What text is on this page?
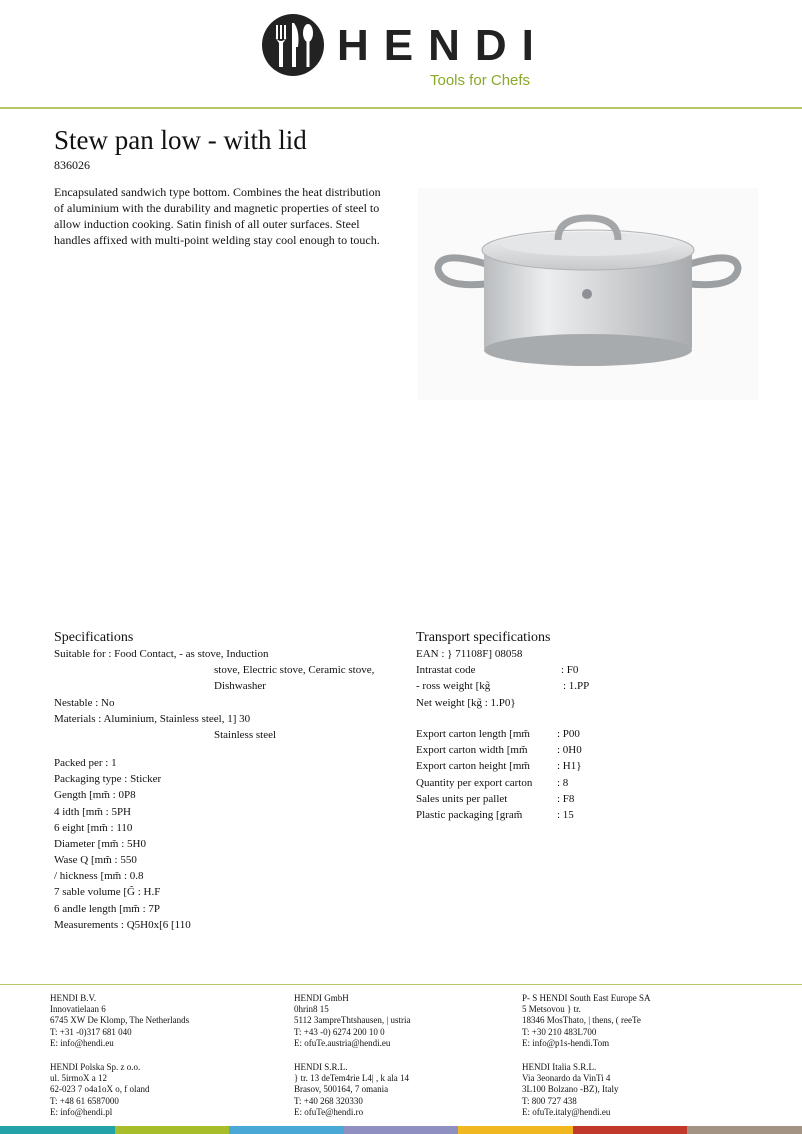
HENDI
Tools for Chefs
Stew pan low - with lid
836026
Encapsulated sandwich type bottom. Combines the heat distribution of aluminium with the durability and magnetic properties of steel to allow induction cooking. Satin finish of all outer surfaces. Steel handles affixed with multi-point welding stay cool enough to touch.
Specifications
Suitable for : Food Contact, - as stove, Induction
stove, Electric stove, Ceramic stove,
Dishwasher
Nestable : No
Materials : Aluminium, Stainless steel, 1] 30
Stainless steel
Packed per : 1
Packaging type : Sticker
Gength [mm̃ : 0P8
4 idth [mm̃ : 5PH
6 eight [mm̃ : 110
Diameter [mm̃ : 5H0
Wase Q [mm̃ : 550
/ hickness [mm̃ : 0.8
7 sable volume [G̃ : H.F
6 andle length [mm̃ : 7P
Measurements : Q5H0x[6 [110
Transport specifications
EAN : } 71108F] 08058
Intrastat code	: F0
- ross weight [kg̃	: 1.PP
Net weight [kg̃ : 1.P0}
Export carton length [mm̃ : P00
Export carton width [mm̃	: 0H0
Export carton height [mm̃ : H1}
Quantity per export carton : 8
Sales units per pallet	: F8
Plastic packaging [gram̃	: 15
HENDI B.V.
Innovatielaan 6
6745 XW De Klomp, The Netherlands
T: +31 -0)317 681 040
E: info@hendi.eu
HENDI GmbH
0hrin8 15
5112 3ampreThtshausen, | ustria
T: +43 -0) 6274 200 10 0
E: ofuTe.austria@hendi.eu
P- S HENDI South East Europe SA
5 Metsovou } tr.
18346 MosThato, | thens, ( reeTe
T: +30 210 483L700
E: info@p1s-hendi.Tom
HENDI Polska Sp. z o.o.
ul. 5irmoX a 12
62-023 7 o4a1oX o, f oland
T: +48 61 6587000
E: info@hendi.pl
HENDI S.R.L.
} tr. 13 deTem4rie L4| , k ala 14
Brasov, 500164, 7 omania
T: +40 268 320330
E: ofuTe@hendi.ro
HENDI Italia S.R.L.
Via 3eonardo da VinTi 4
3L100 Bolzano -BZ), Italy
T: 800 727 438
E: ofuTe.italy@hendi.eu
